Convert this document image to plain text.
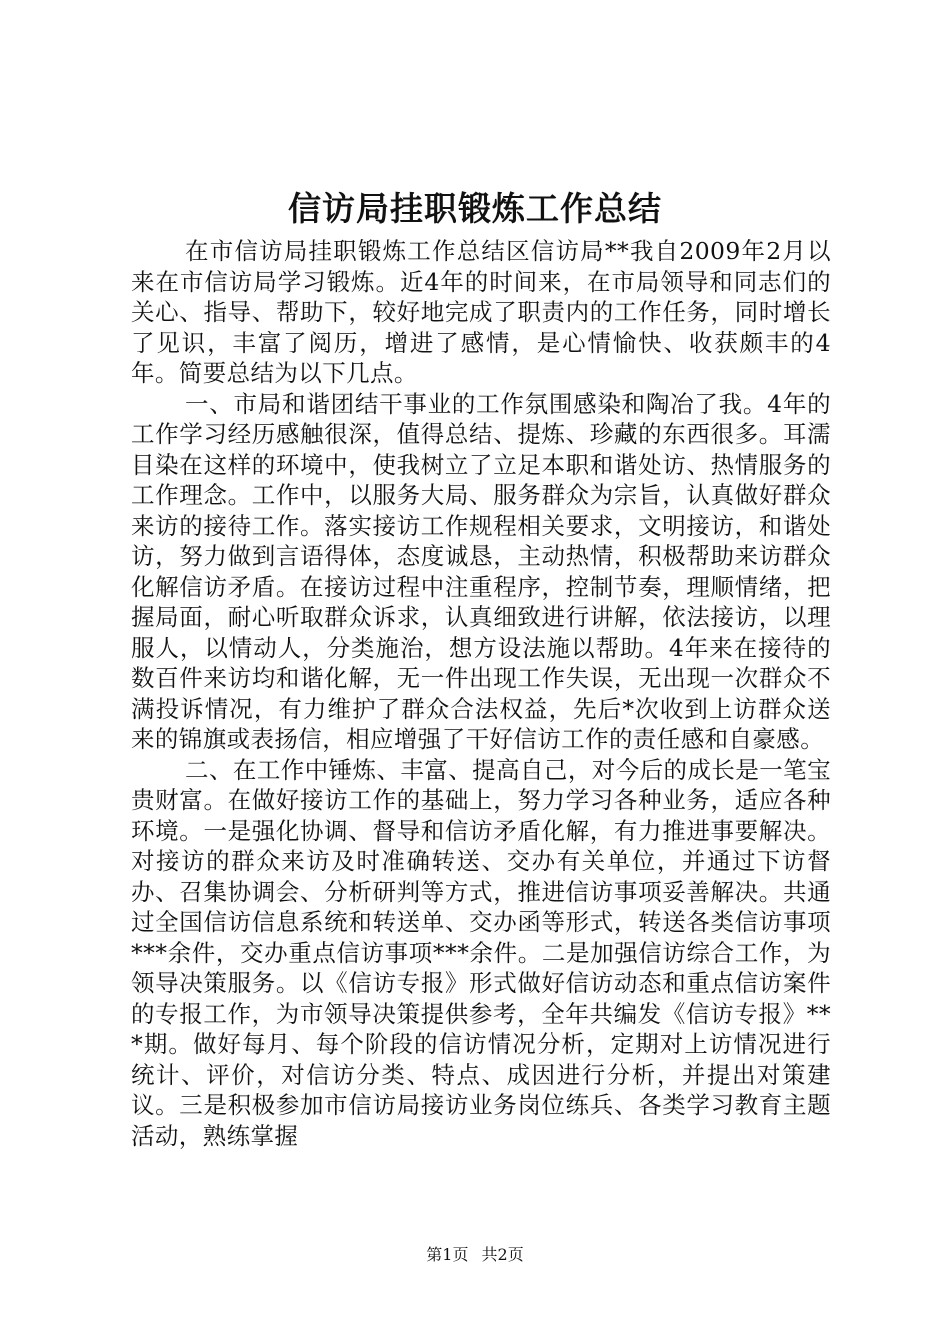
信访局挂职锻炼工作总结

在市信访局挂职锻炼工作总结区信访局**我自2009年2月以来在市信访局学习锻炼。近4年的时间来，在市局领导和同志们的关心、指导、帮助下，较好地完成了职责内的工作任务，同时增长了见识，丰富了阅历，增进了感情，是心情愉快、收获颇丰的4年。简要总结为以下几点。

一、市局和谐团结干事业的工作氛围感染和陶冶了我。4年的工作学习经历感触很深，值得总结、提炼、珍藏的东西很多。耳濡目染在这样的环境中，使我树立了立足本职和谐处访、热情服务的工作理念。工作中，以服务大局、服务群众为宗旨，认真做好群众来访的接待工作。落实接访工作规程相关要求，文明接访，和谐处访，努力做到言语得体，态度诚恳，主动热情，积极帮助来访群众化解信访矛盾。在接访过程中注重程序，控制节奏，理顺情绪，把握局面，耐心听取群众诉求，认真细致进行讲解，依法接访，以理服人，以情动人，分类施治，想方设法施以帮助。4年来在接待的数百件来访均和谐化解，无一件出现工作失误，无出现一次群众不满投诉情况，有力维护了群众合法权益，先后*次收到上访群众送来的锦旗或表扬信，相应增强了干好信访工作的责任感和自豪感。

二、在工作中锤炼、丰富、提高自己，对今后的成长是一笔宝贵财富。在做好接访工作的基础上，努力学习各种业务，适应各种环境。一是强化协调、督导和信访矛盾化解，有力推进事要解决。对接访的群众来访及时准确转送、交办有关单位，并通过下访督办、召集协调会、分析研判等方式，推进信访事项妥善解决。共通过全国信访信息系统和转送单、交办函等形式，转送各类信访事项***余件，交办重点信访事项***余件。二是加强信访综合工作，为领导决策服务。以《信访专报》形式做好信访动态和重点信访案件的专报工作，为市领导决策提供参考，全年共编发《信访专报》***期。做好每月、每个阶段的信访情况分析，定期对上访情况进行统计、评价，对信访分类、特点、成因进行分析，并提出对策建议。三是积极参加市信访局接访业务岗位练兵、各类学习教育主题活动，熟练掌握

第1页 共2页
